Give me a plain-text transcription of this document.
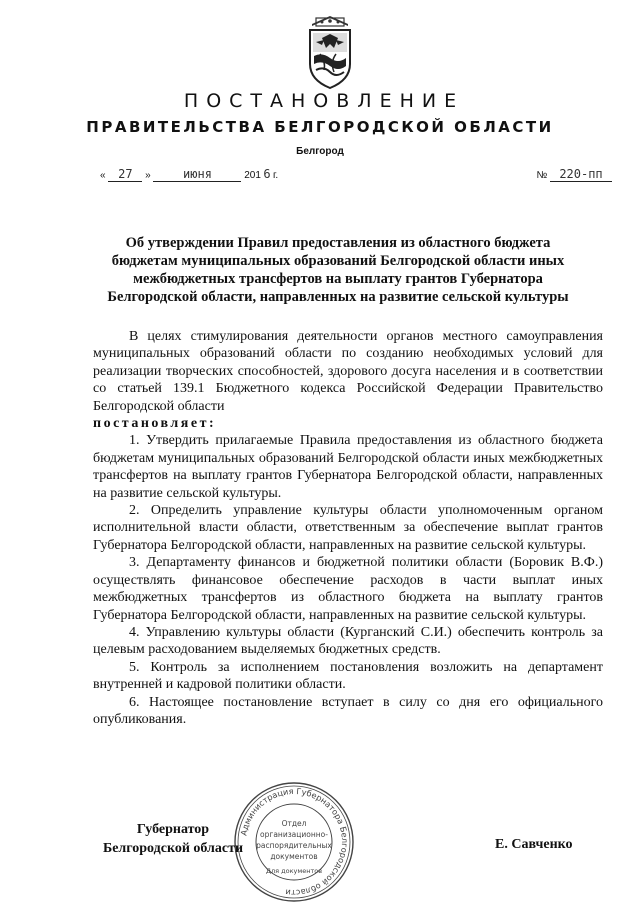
ПОСТАНОВЛЕНИЕ
ПРАВИТЕЛЬСТВА БЕЛГОРОДСКОЙ ОБЛАСТИ
Белгород
« 27 »	июня	201 6 г.	№ 220-пп
Об утверждении Правил предоставления из областного бюджета
бюджетам муниципальных образований Белгородской области иных
межбюджетных трансфертов на выплату грантов Губернатора
Белгородской области, направленных на развитие сельской культуры

В целях стимулирования деятельности органов местного самоуправления муниципальных образований области по созданию необходимых условий для реализации творческих способностей, здорового досуга населения и в соответствии со статьей 139.1 Бюджетного кодекса Российской Федерации Правительство Белгородской области

постановляет:

1. Утвердить прилагаемые Правила предоставления из областного бюджета бюджетам муниципальных образований Белгородской области иных межбюджетных трансфертов на выплату грантов Губернатора Белгородской области, направленных на развитие сельской культуры.

2. Определить управление культуры области уполномоченным органом исполнительной власти области, ответственным за обеспечение выплат грантов Губернатора Белгородской области, направленных на развитие сельской культуры.

3. Департаменту финансов и бюджетной политики области (Боровик В.Ф.) осуществлять финансовое обеспечение расходов в части выплат иных межбюджетных трансфертов из областного бюджета на выплату грантов Губернатора Белгородской области, направленных на развитие сельской культуры.

4. Управлению культуры области (Курганский С.И.) обеспечить контроль за целевым расходованием выделяемых бюджетных средств.

5. Контроль за исполнением постановления возложить на департамент внутренней и кадровой политики области.

6. Настоящее постановление вступает в силу со дня его официального опубликования.

Администрация Губернатора Белгородской области
Отдел
организационно-
распорядительных
документов
Для документов
Губернатор
Белгородской области	Е. Савченко
